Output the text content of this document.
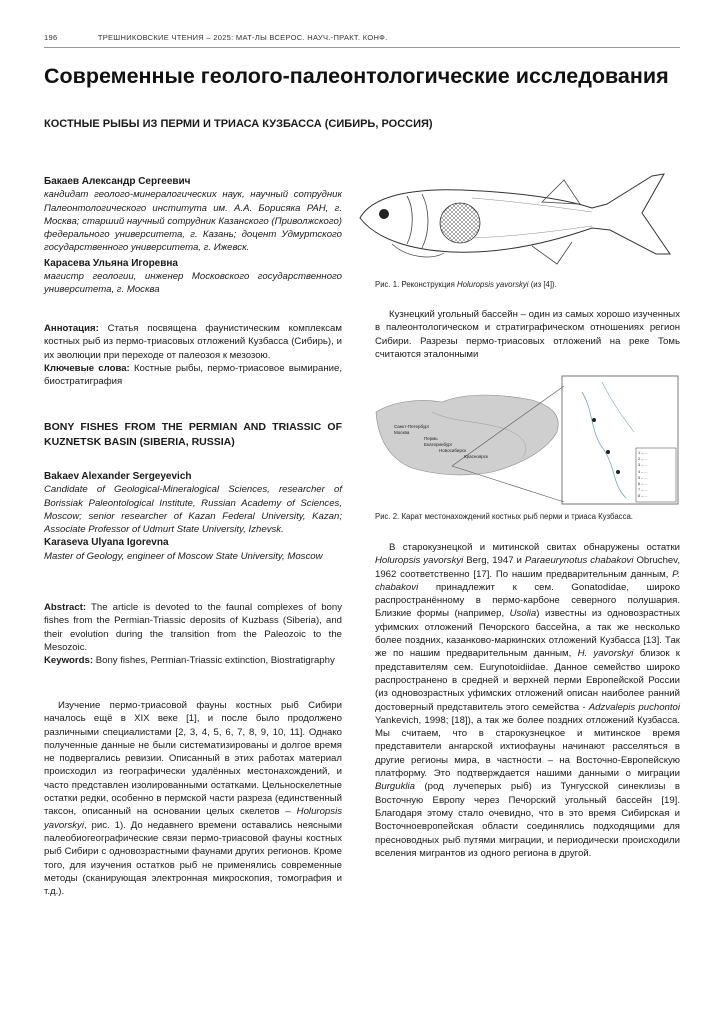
196	ТРЕШНИКОВСКИЕ ЧТЕНИЯ – 2025: МАТ-ЛЫ ВСЕРОС. НАУЧ.-ПРАКТ. КОНФ.
Современные геолого-палеонтологические исследования
КОСТНЫЕ РЫБЫ ИЗ ПЕРМИ И ТРИАСА КУЗБАССА (СИБИРЬ, РОССИЯ)

Бакаев Александр Сергеевич

кандидат геолого-минералогических наук, научный сотрудник Палеонтологического института им. А.А. Борисяка РАН, г. Москва; старший научный сотрудник Казанского (Приволжского) федерального университета, г. Казань; доцент Удмуртского государственного университета, г. Ижевск.

Карасева Ульяна Игоревна

магистр геологии, инженер Московского государственного университета, г. Москва

Аннотация: Статья посвящена фаунистическим комплексам костных рыб из пермо-триасовых отложений Кузбасса (Сибирь), и их эволюции при переходе от палеозоя к мезозою.

Ключевые слова: Костные рыбы, пермо-триасовое вымирание, биостратиграфия

BONY FISHES FROM THE PERMIAN AND TRIASSIC OF KUZNETSK BASIN (SIBERIA, RUSSIA)

Bakaev Alexander Sergeyevich

Candidate of Geological-Mineralogical Sciences, researcher of Borissiak Paleontological Institute, Russian Academy of Sciences, Moscow; senior researcher of Kazan Federal University, Kazan; Associate Professor of Udmurt State University, Izhevsk.

Karaseva Ulyana Igorevna

Master of Geology, engineer of Moscow State University, Moscow

Abstract: The article is devoted to the faunal complexes of bony fishes from the Permian-Triassic deposits of Kuzbass (Siberia), and their evolution during the transition from the Paleozoic to the Mesozoic.

Keywords: Bony fishes, Permian-Triassic extinction, Biostratigraphy

Изучение пермо-триасовой фауны костных рыб Сибири началось ещё в XIX веке [1], и после было продолжено различными специалистами [2, 3, 4, 5, 6, 7, 8, 9, 10, 11]. Однако полученные данные не были систематизированы и долгое время не подвергались ревизии. Описанный в этих работах материал происходил из географически удалённых местонахождений, и часто представлен изолированными остатками. Цельноскелетные остатки редки, особенно в пермской части разреза (единственный таксон, описанный на основании целых скелетов – Holuropsis yavorskyi, рис. 1). До недавнего времени оставались неясными палеобиогеографические связи пермо-триасовой фауны костных рыб Сибири с одновозрастными фаунами других регионов. Кроме того, для изучения остатков рыб не применялись современные методы (сканирующая электронная микроскопия, томография и т.д.).

Рис. 1. Реконструкция Holuropsis yavorskyi (из [4]).

Кузнецкий угольный бассейн – один из самых хорошо изученных в палеонтологическом и стратиграфическом отношениях регион Сибири. Разрезы пермо-триасовых отложений на реке Томь считаются эталонными

Санкт-Петербург
Москва
Пермь
Екатеринбург
Новосибирск
Красноярск
1 – ...
2 – ...
3 – ...
4 – ...
5 – ...
6 – ...
7 – ...
8 – ...
Рис. 2. Карат местонахождений костных рыб перми и триаса Кузбасса.

В старокузнецкой и митинской свитах обнаружены остатки Holuropsis yavorskyi Berg, 1947 и Paraeurynotus chabakovi Obruchev, 1962 соответственно [17]. По нашим предварительным данным, P. chabakovi принадлежит к сем. Gonatodidae, широко распространённому в пермо-карбоне северного полушария. Близкие формы (например, Usolia) известны из одновозрастных уфимских отложений Печорского бассейна, а так же несколько более поздних, казанково-маркинских отложений Кузбасса [13]. Так же по нашим предварительным данным, H. yavorskyi близок к представителям сем. Eurynotoidiidae. Данное семейство широко распространено в средней и верхней перми Европейской России (из одновозрастных уфимских отложений описан наиболее ранний достоверный представитель этого семейства - Adzvalepis puchontoi Yankevich, 1998; [18]), а так же более поздних отложений Кузбасса. Мы считаем, что в старокузнецкое и митинское время представители ангарской ихтиофауны начинают расселяться в другие регионы мира, в частности – на Восточно-Европейскую платформу. Это подтверждается нашими данными о миграции Burguklia (род лучеперых рыб) из Тунгусской синеклизы в Восточную Европу через Печорский угольный бассейн [19]. Благодаря этому стало очевидно, что в это время Сибирская и Восточноевропейская области соединялись подходящими для пресноводных рыб путями миграции, и периодически происходили вселения мигрантов из одного региона в другой.
